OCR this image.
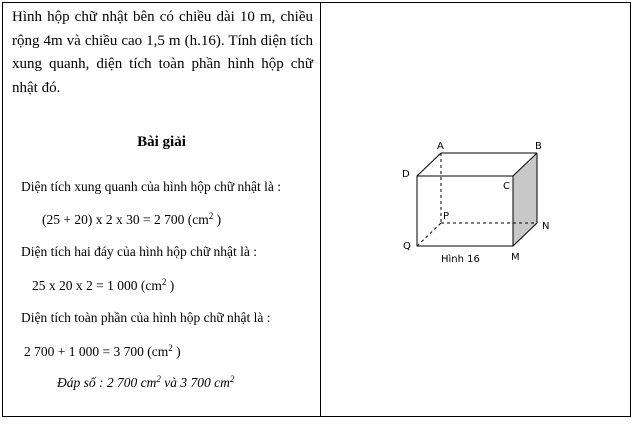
Hình hộp chữ nhật bên có chiều dài 10 m, chiều rộng 4m và chiều cao 1,5 m (h.16). Tính diện tích xung quanh, diện tích toàn phần hình hộp chữ nhật đó.
Bài giải
Diện tích xung quanh của hình hộp chữ nhật là :
(25 + 20) x 2 x 30 = 2 700 ($cm^2$ )
Diện tích hai đáy của hình hộp chữ nhật là :
25 x 20 x 2 = 1 000 ($cm^2$ )
Diện tích toàn phần của hình hộp chữ nhật là :
2 700 + 1 000 = 3 700 ($cm^2$ )
Đáp số : 2 700 $cm^2$ và 3 700 $cm^2$
A	B
D
C
P
N
Q
M
Hình 16
